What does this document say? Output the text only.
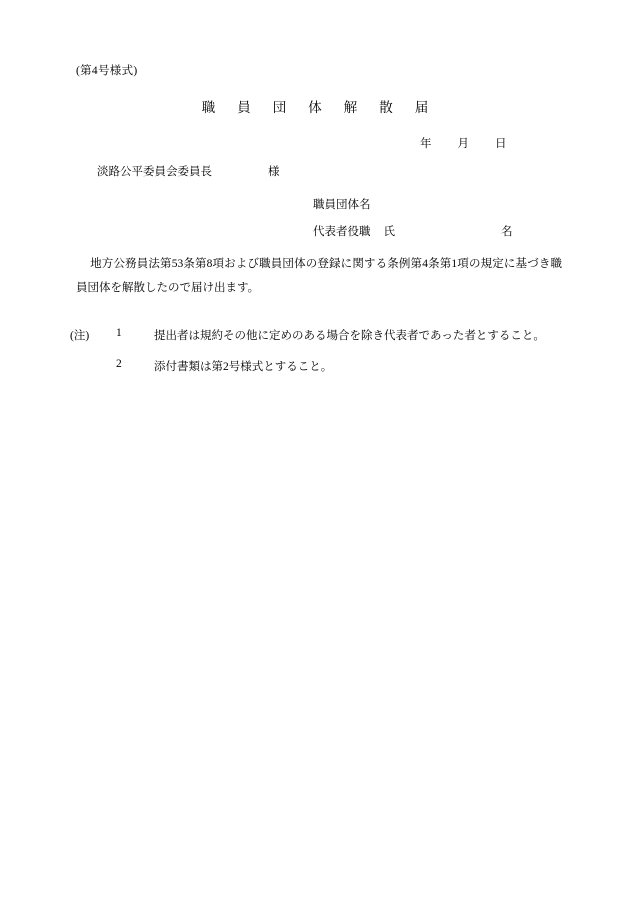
(第4号様式)
職 員 団 体 解 散 届
年 月 日
淡路公平委員会委員長	様
職員団体名
代表者役職 氏	名
地方公務員法第53条第8項および職員団体の登録に関する条例第4条第1項の規定に基づき職員団体を解散したので届け出ます。
(注)	1	提出者は規約その他に定めのある場合を除き代表者であった者とすること。
2	添付書類は第2号様式とすること。
